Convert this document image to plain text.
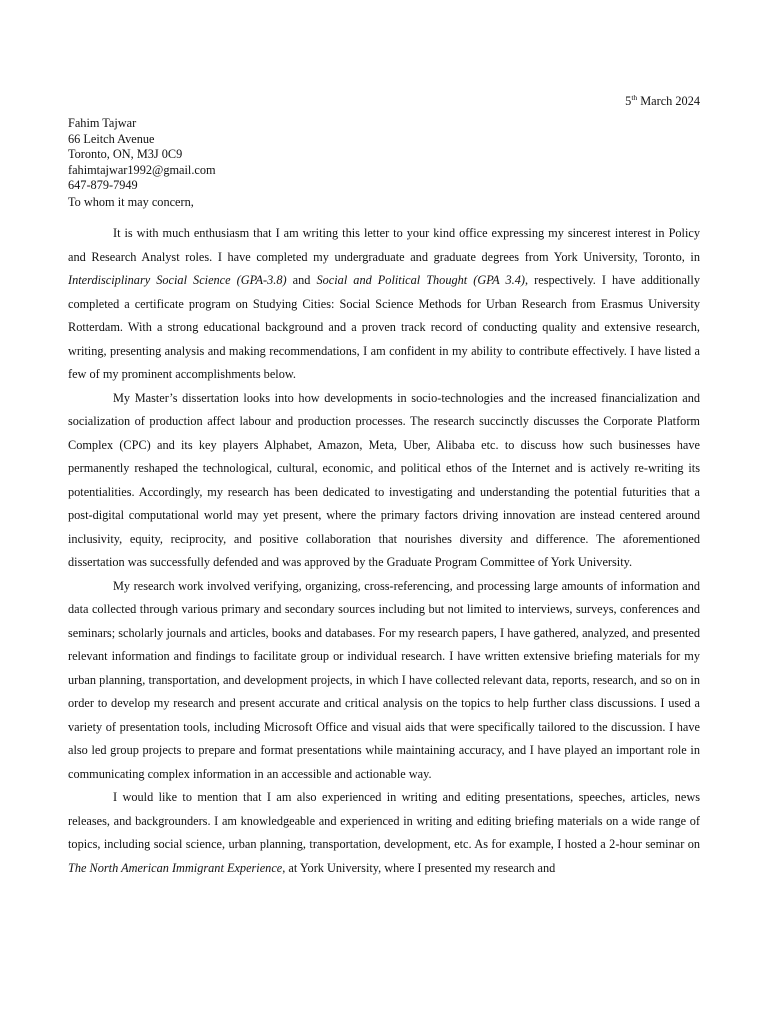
5th March 2024
Fahim Tajwar
66 Leitch Avenue
Toronto, ON, M3J 0C9
fahimtajwar1992@gmail.com
647-879-7949
To whom it may concern,

It is with much enthusiasm that I am writing this letter to your kind office expressing my sincerest interest in Policy and Research Analyst roles. I have completed my undergraduate and graduate degrees from York University, Toronto, in Interdisciplinary Social Science (GPA-3.8) and Social and Political Thought (GPA 3.4), respectively. I have additionally completed a certificate program on Studying Cities: Social Science Methods for Urban Research from Erasmus University Rotterdam. With a strong educational background and a proven track record of conducting quality and extensive research, writing, presenting analysis and making recommendations, I am confident in my ability to contribute effectively. I have listed a few of my prominent accomplishments below.

My Master’s dissertation looks into how developments in socio-technologies and the increased financialization and socialization of production affect labour and production processes. The research succinctly discusses the Corporate Platform Complex (CPC) and its key players Alphabet, Amazon, Meta, Uber, Alibaba etc. to discuss how such businesses have permanently reshaped the technological, cultural, economic, and political ethos of the Internet and is actively re-writing its potentialities. Accordingly, my research has been dedicated to investigating and understanding the potential futurities that a post-digital computational world may yet present, where the primary factors driving innovation are instead centered around inclusivity, equity, reciprocity, and positive collaboration that nourishes diversity and difference. The aforementioned dissertation was successfully defended and was approved by the Graduate Program Committee of York University.

My research work involved verifying, organizing, cross-referencing, and processing large amounts of information and data collected through various primary and secondary sources including but not limited to interviews, surveys, conferences and seminars; scholarly journals and articles, books and databases. For my research papers, I have gathered, analyzed, and presented relevant information and findings to facilitate group or individual research. I have written extensive briefing materials for my urban planning, transportation, and development projects, in which I have collected relevant data, reports, research, and so on in order to develop my research and present accurate and critical analysis on the topics to help further class discussions. I used a variety of presentation tools, including Microsoft Office and visual aids that were specifically tailored to the discussion. I have also led group projects to prepare and format presentations while maintaining accuracy, and I have played an important role in communicating complex information in an accessible and actionable way.

I would like to mention that I am also experienced in writing and editing presentations, speeches, articles, news releases, and backgrounders. I am knowledgeable and experienced in writing and editing briefing materials on a wide range of topics, including social science, urban planning, transportation, development, etc. As for example, I hosted a 2-hour seminar on The North American Immigrant Experience, at York University, where I presented my research and
